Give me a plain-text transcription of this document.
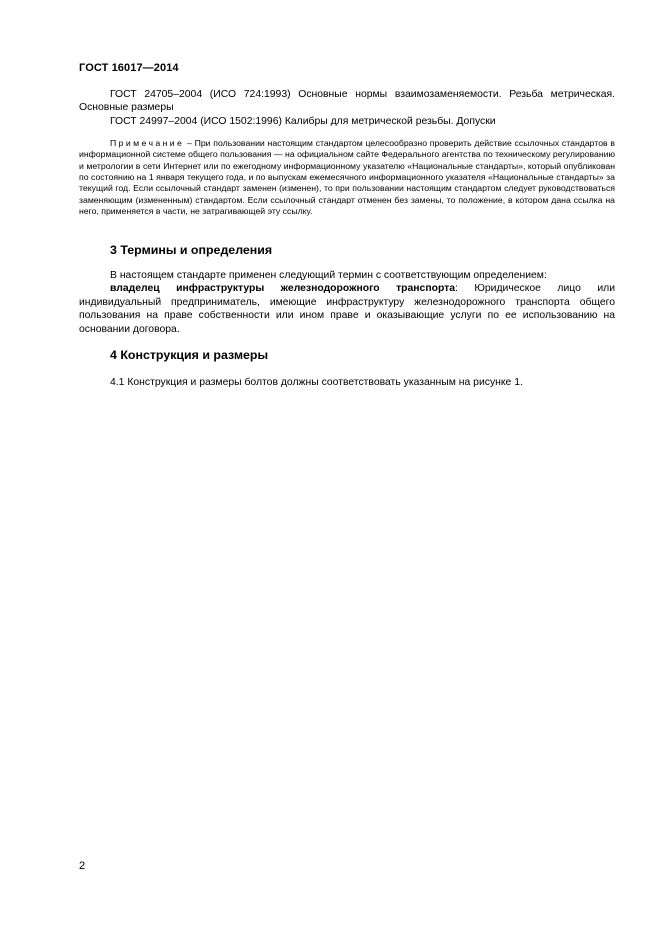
ГОСТ 16017—2014

ГОСТ 24705–2004 (ИСО 724:1993) Основные нормы взаимозаменяемости. Резьба метрическая. Основные размеры

ГОСТ 24997–2004 (ИСО 1502:1996) Калибры для метрической резьбы. Допуски

Примечание – При пользовании настоящим стандартом целесообразно проверить действие ссылочных стандартов в информационной системе общего пользования — на официальном сайте Федерального агентства по техническому регулированию и метрологии в сети Интернет или по ежегодному информационному указателю «Национальные стандарты», который опубликован по состоянию на 1 января текущего года, и по выпускам ежемесячного информационного указателя «Национальные стандарты» за текущий год. Если ссылочный стандарт заменен (изменен), то при пользовании настоящим стандартом следует руководствоваться заменяющим (измененным) стандартом. Если ссылочный стандарт отменен без замены, то положение, в котором дана ссылка на него, применяется в части, не затрагивающей эту ссылку.

3 Термины и определения

В настоящем стандарте применен следующий термин с соответствующим определением:

владелец инфраструктуры железнодорожного транспорта: Юридическое лицо или индивидуальный предприниматель, имеющие инфраструктуру железнодорожного транспорта общего пользования на праве собственности или ином праве и оказывающие услуги по ее использованию на основании договора.

4 Конструкция и размеры

4.1 Конструкция и размеры болтов должны соответствовать указанным на рисунке 1.

2
